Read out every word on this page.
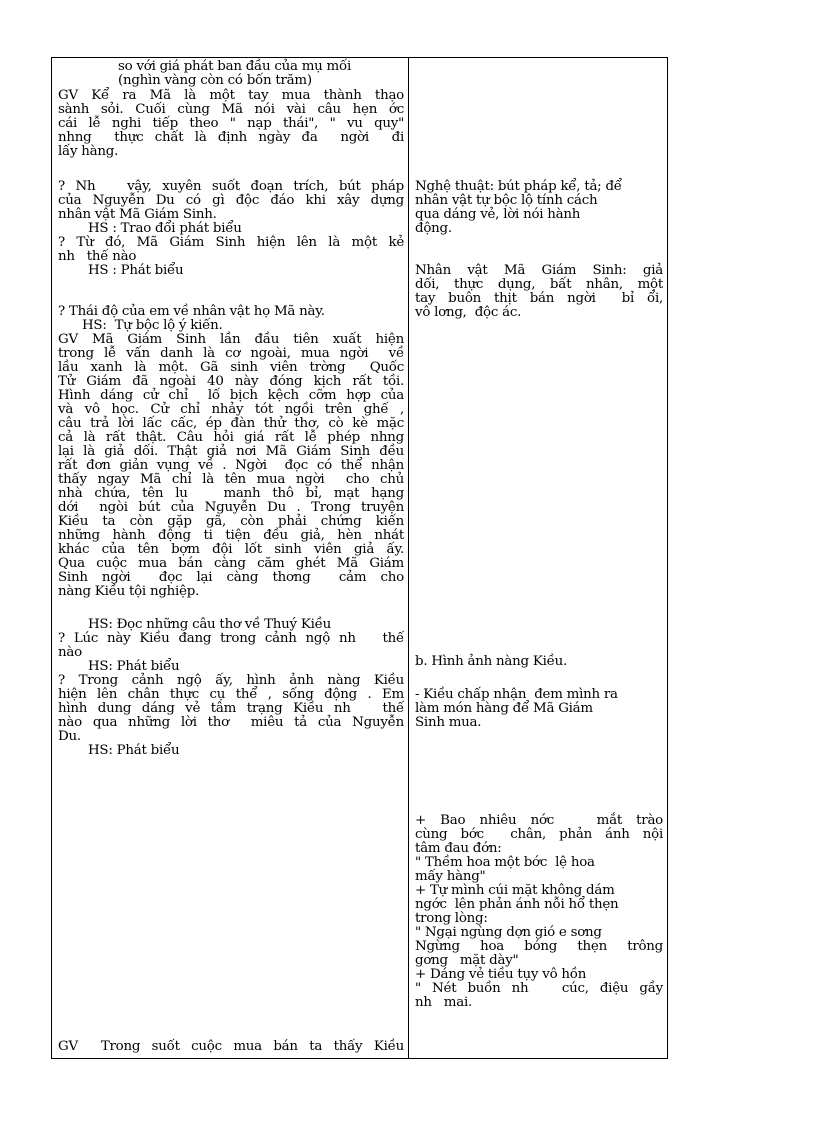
so với giá phát ban đầu của mụ mối
(nghìn vàng còn có bốn trăm)
GV Kể ra Mã là một tay mua thành thạo
sành sỏi. Cuối cùng Mã nói vài câu hẹn ớc
cái lễ nghi tiếp theo " nạp thái", " vu quy"
nhng  thực chất là định ngày đa  ngời  đi
lấy hàng.
? Nh   vậy, xuyên suốt đoạn trích, bút pháp
của Nguyễn Du có gì độc đáo khi xây dựng
nhân vật Mã Giám Sinh.
HS : Trao đổi phát biểu
? Từ đó, Mã Giám Sinh hiện lên là một kẻ
nh   thế nào
HS : Phát biểu
? Thái độ của em về nhân vật họ Mã này.
HS:  Tự bộc lộ ý kiến.
GV Mã Giám Sinh lần đầu tiên xuất hiện
trong lễ vấn danh là cơ ngoài, mua ngời  về
lầu xanh là một. Gã sinh viên trờng  Quốc
Tử Giám đã ngoài 40 này đóng kịch rất tồi.
Hình dáng cử chỉ  lố bịch kệch cỡm hợp của
và vô học. Cử chỉ nhảy tót ngồi trên ghế ,
câu trả lời lấc cấc, ép đàn thử thơ, cò kè mặc
cả là rất thật. Câu hỏi giá rất lễ phép nhng
lại là giả dối. Thật giả nơi Mã Giám Sinh đều
rất đơn giản vụng về . Ngời  đọc có thể nhận
thấy ngay Mã chỉ là tên mua ngời  cho chủ
nhà chứa, tên lu   manh thô bỉ, mạt hạng
dới  ngòi bút của Nguyễn Du . Trong truyện
Kiều ta còn gặp gã, còn phải chứng kiến
những hành động ti tiện đều giả, hèn nhát
khác của tên bợm đội lốt sinh viên giả ấy.
Qua cuộc mua bán càng căm ghét Mã Giám
Sinh ngời  đọc lại càng thơng  cảm cho
nàng Kiều tội nghiệp.
HS: Đọc những câu thơ về Thuý Kiều
? Lúc này Kiều đang trong cảnh ngộ nh   thế
nào
HS: Phát biểu
? Trong cảnh ngộ ấy, hình ảnh nàng Kiều
hiện lên chân thực cụ thể , sống động . Em
hình dung dáng vẻ tâm trạng Kiều nh   thế
nào qua những lời thơ  miêu tả của Nguyễn
Du.
HS: Phát biểu
GV  Trong suốt cuộc mua bán ta thấy Kiều
Nghệ thuật: bút pháp kể, tả; để
nhân vật tự bộc lộ tính cách
qua dáng vẻ, lời nói hành
động.
Nhân vật Mã Giám Sinh: giả
dối, thực dụng, bất nhân, một
tay buôn thịt bán ngời  bỉ ổi,
vô lơng,  độc ác.
b. Hình ảnh nàng Kiều.
- Kiều chấp nhận  đem mình ra
làm món hàng để Mã Giám
Sinh mua.
+ Bao nhiêu nớc   mắt trào
cùng bớc  chân, phản ánh nội
tâm đau đớn:
" Thềm hoa một bớc  lệ hoa
mấy hàng"
+ Tự mình cúi mặt không dám
ngớc  lên phản ánh nỗi hổ thẹn
trong lòng:
" Ngại ngùng dợn gió e sơng
Ngừng  hoa  bóng  thẹn  trông
gơng   mặt dày"
+ Dáng vẻ tiều tụy vô hồn
" Nét buồn nh   cúc, điệu gầy
nh   mai.
